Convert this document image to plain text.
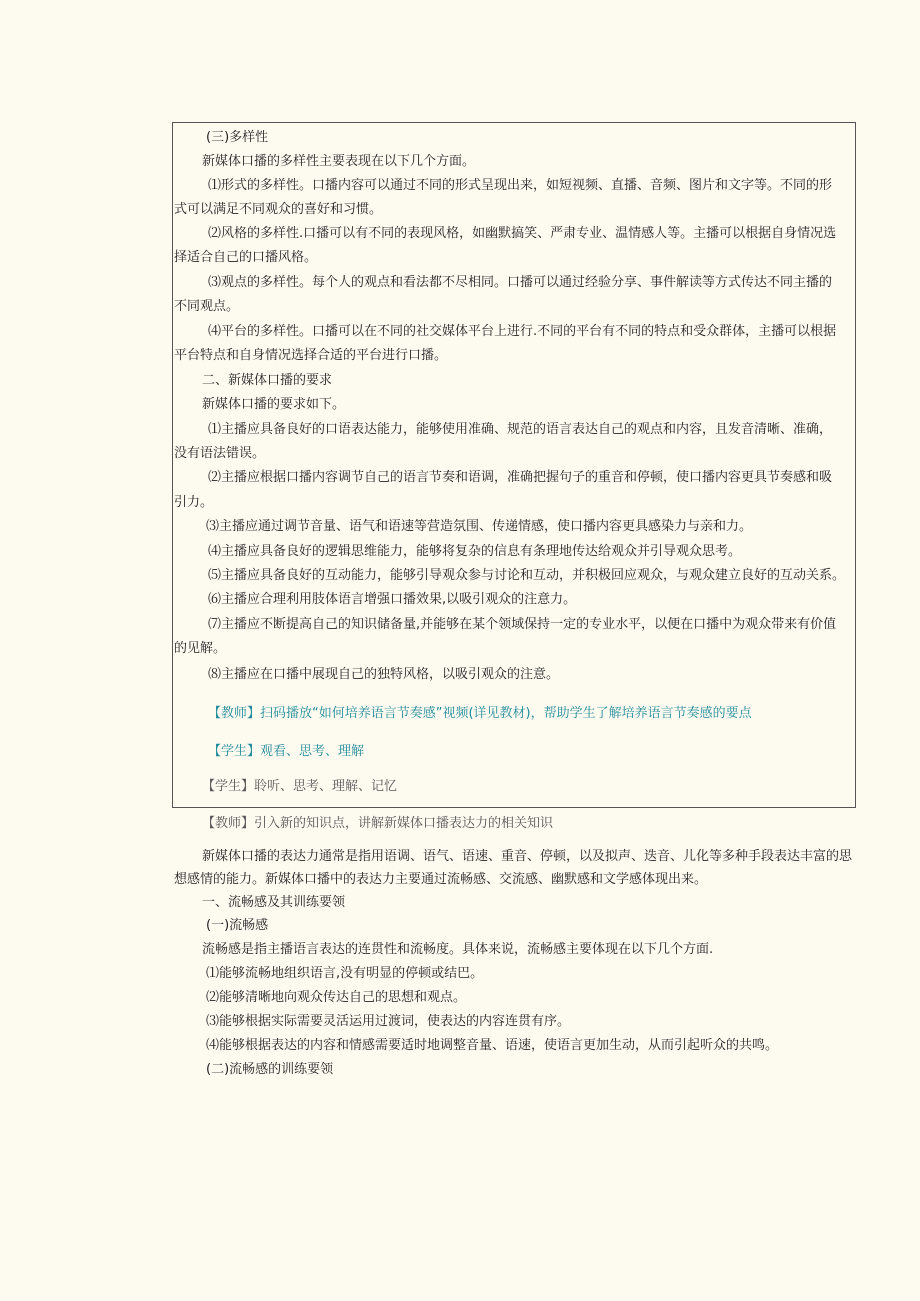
(三)多样性
新媒体口播的多样性主要表现在以下几个方面。
⑴形式的多样性。口播内容可以通过不同的形式呈现出来，如短视频、直播、音频、图片和文字等。不同的形
式可以满足不同观众的喜好和习惯。
⑵风格的多样性.口播可以有不同的表现风格，如幽默搞笑、严肃专业、温情感人等。主播可以根据自身情况选
择适合自己的口播风格。
⑶观点的多样性。每个人的观点和看法都不尽相同。口播可以通过经验分享、事件解读等方式传达不同主播的
不同观点。
⑷平台的多样性。口播可以在不同的社交媒体平台上进行.不同的平台有不同的特点和受众群体，主播可以根据
平台特点和自身情况选择合适的平台进行口播。
二、新媒体口播的要求
新媒体口播的要求如下。
⑴主播应具备良好的口语表达能力，能够使用准确、规范的语言表达自己的观点和内容，且发音清晰、准确，
没有语法错误。
⑵主播应根据口播内容调节自己的语言节奏和语调，准确把握句子的重音和停顿，使口播内容更具节奏感和吸
引力。
⑶主播应通过调节音量、语气和语速等营造氛围、传递情感，使口播内容更具感染力与亲和力。
⑷主播应具备良好的逻辑思维能力，能够将复杂的信息有条理地传达给观众并引导观众思考。
⑸主播应具备良好的互动能力，能够引导观众参与讨论和互动，并积极回应观众，与观众建立良好的互动关系。
⑹主播应合理利用肢体语言增强口播效果,以吸引观众的注意力。
⑺主播应不断提高自己的知识储备量,并能够在某个领域保持一定的专业水平，以便在口播中为观众带来有价值
的见解。
⑻主播应在口播中展现自己的独特风格，以吸引观众的注意。
【教师】扫码播放“如何培养语言节奏感”视频(详见教材)，帮助学生了解培养语言节奏感的要点
【学生】观看、思考、理解
【学生】聆听、思考、理解、记忆
【教师】引入新的知识点，讲解新媒体口播表达力的相关知识
新媒体口播的表达力通常是指用语调、语气、语速、重音、停顿，以及拟声、迭音、儿化等多种手段表达丰富的思
想感情的能力。新媒体口播中的表达力主要通过流畅感、交流感、幽默感和文学感体现出来。
一、流畅感及其训练要领
(一)流畅感
流畅感是指主播语言表达的连贯性和流畅度。具体来说，流畅感主要体现在以下几个方面.
⑴能够流畅地组织语言,没有明显的停顿或结巴。
⑵能够清晰地向观众传达自己的思想和观点。
⑶能够根据实际需要灵活运用过渡词，使表达的内容连贯有序。
⑷能够根据表达的内容和情感需要适时地调整音量、语速，使语言更加生动，从而引起听众的共鸣。
(二)流畅感的训练要领
